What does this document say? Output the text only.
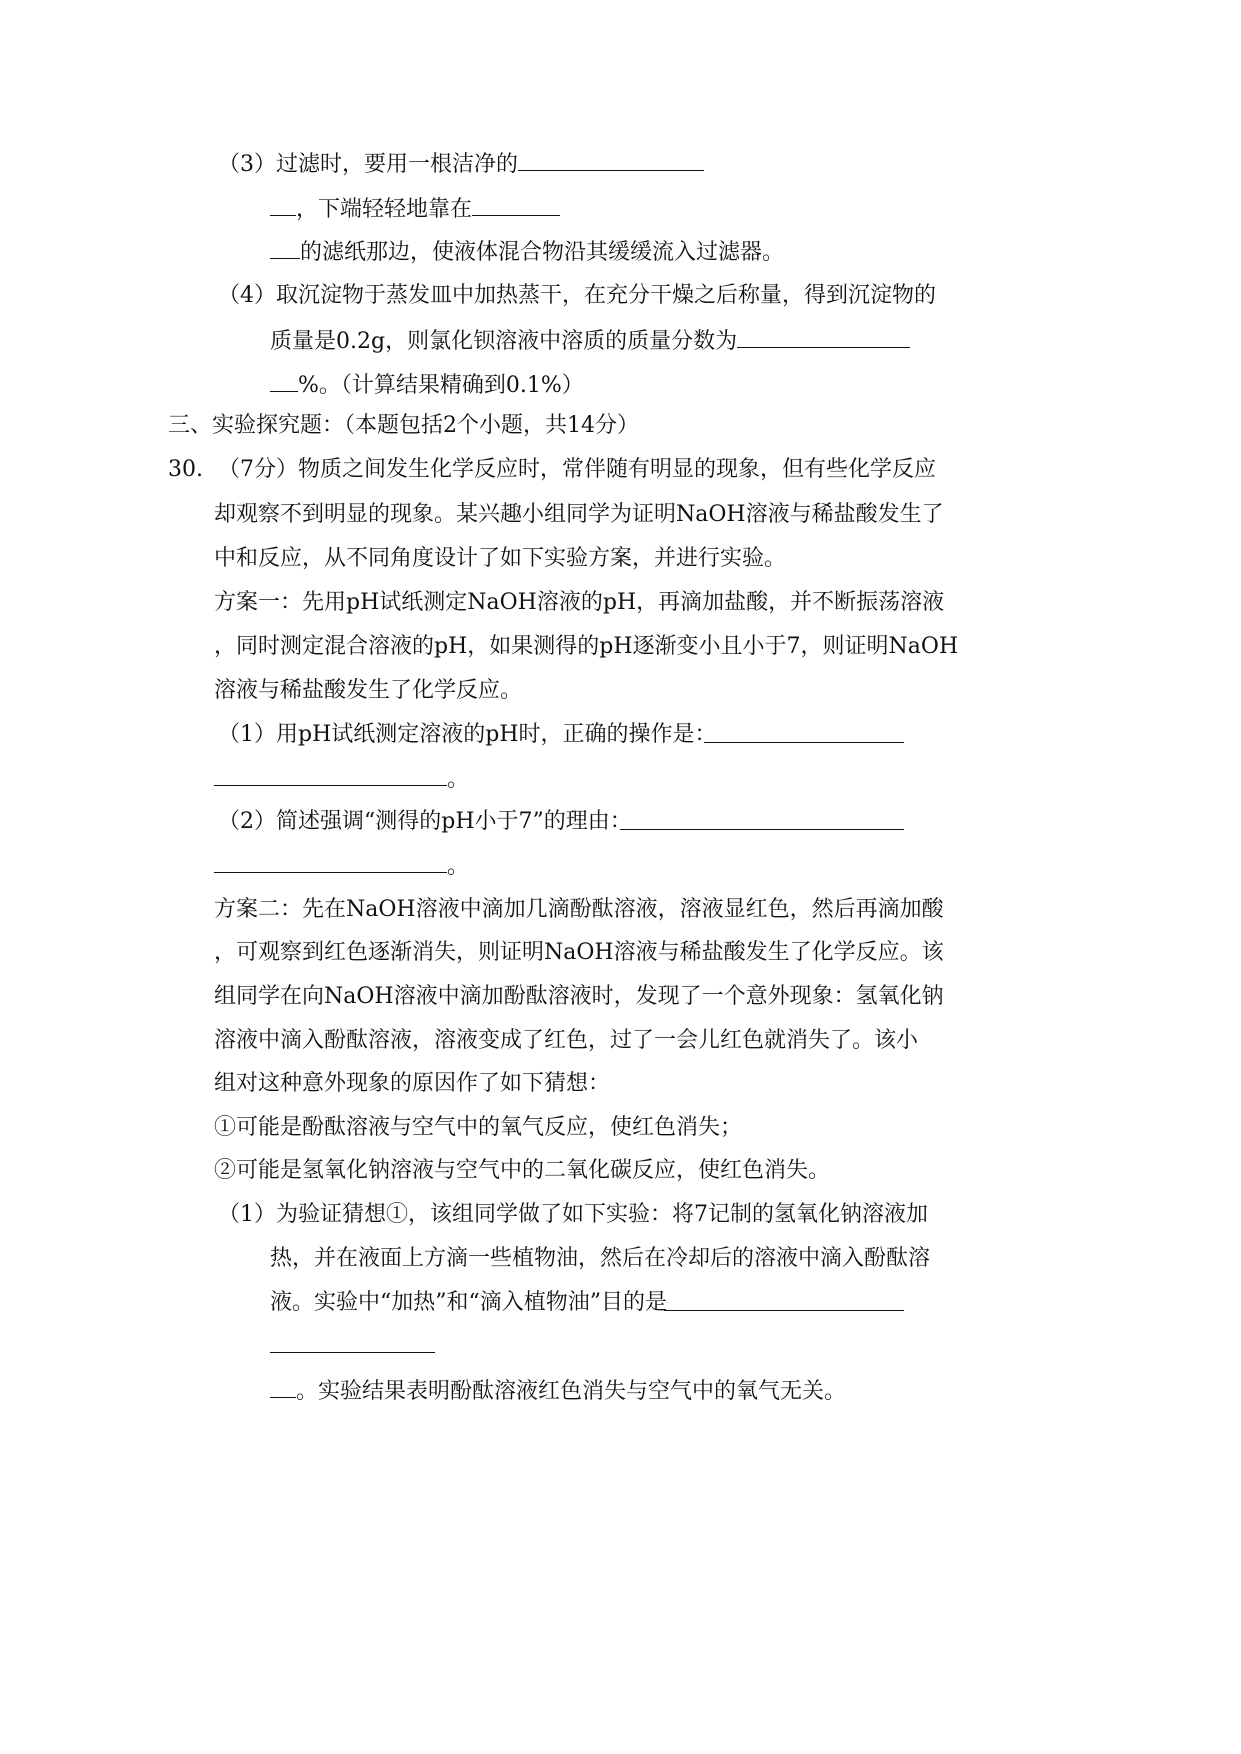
（3）过滤时，要用一根洁净的
，下端轻轻地靠在
的滤纸那边，使液体混合物沿其缓缓流入过滤器。
（4）取沉淀物于蒸发皿中加热蒸干，在充分干燥之后称量，得到沉淀物的
质量是0.2g，则氯化钡溶液中溶质的质量分数为
%。（计算结果精确到0.1%）
三、实验探究题：（本题包括2个小题，共14分）
30. （7分）物质之间发生化学反应时，常伴随有明显的现象，但有些化学反应
却观察不到明显的现象。某兴趣小组同学为证明NaOH溶液与稀盐酸发生了
中和反应，从不同角度设计了如下实验方案，并进行实验。
方案一：先用pH试纸测定NaOH溶液的pH，再滴加盐酸，并不断振荡溶液
，同时测定混合溶液的pH，如果测得的pH逐渐变小且小于7，则证明NaOH
溶液与稀盐酸发生了化学反应。
（1）用pH试纸测定溶液的pH时，正确的操作是：
。
（2）简述强调“测得的pH小于7”的理由：
。
方案二：先在NaOH溶液中滴加几滴酚酞溶液，溶液显红色，然后再滴加酸
，可观察到红色逐渐消失，则证明NaOH溶液与稀盐酸发生了化学反应。该
组同学在向NaOH溶液中滴加酚酞溶液时，发现了一个意外现象：氢氧化钠
溶液中滴入酚酞溶液，溶液变成了红色，过了一会儿红色就消失了。该小
组对这种意外现象的原因作了如下猜想：
①可能是酚酞溶液与空气中的氧气反应，使红色消失；
②可能是氢氧化钠溶液与空气中的二氧化碳反应，使红色消失。
（1）为验证猜想①，该组同学做了如下实验：将7记制的氢氧化钠溶液加
热，并在液面上方滴一些植物油，然后在冷却后的溶液中滴入酚酞溶
液。实验中“加热”和“滴入植物油”目的是
。实验结果表明酚酞溶液红色消失与空气中的氧气无关。
